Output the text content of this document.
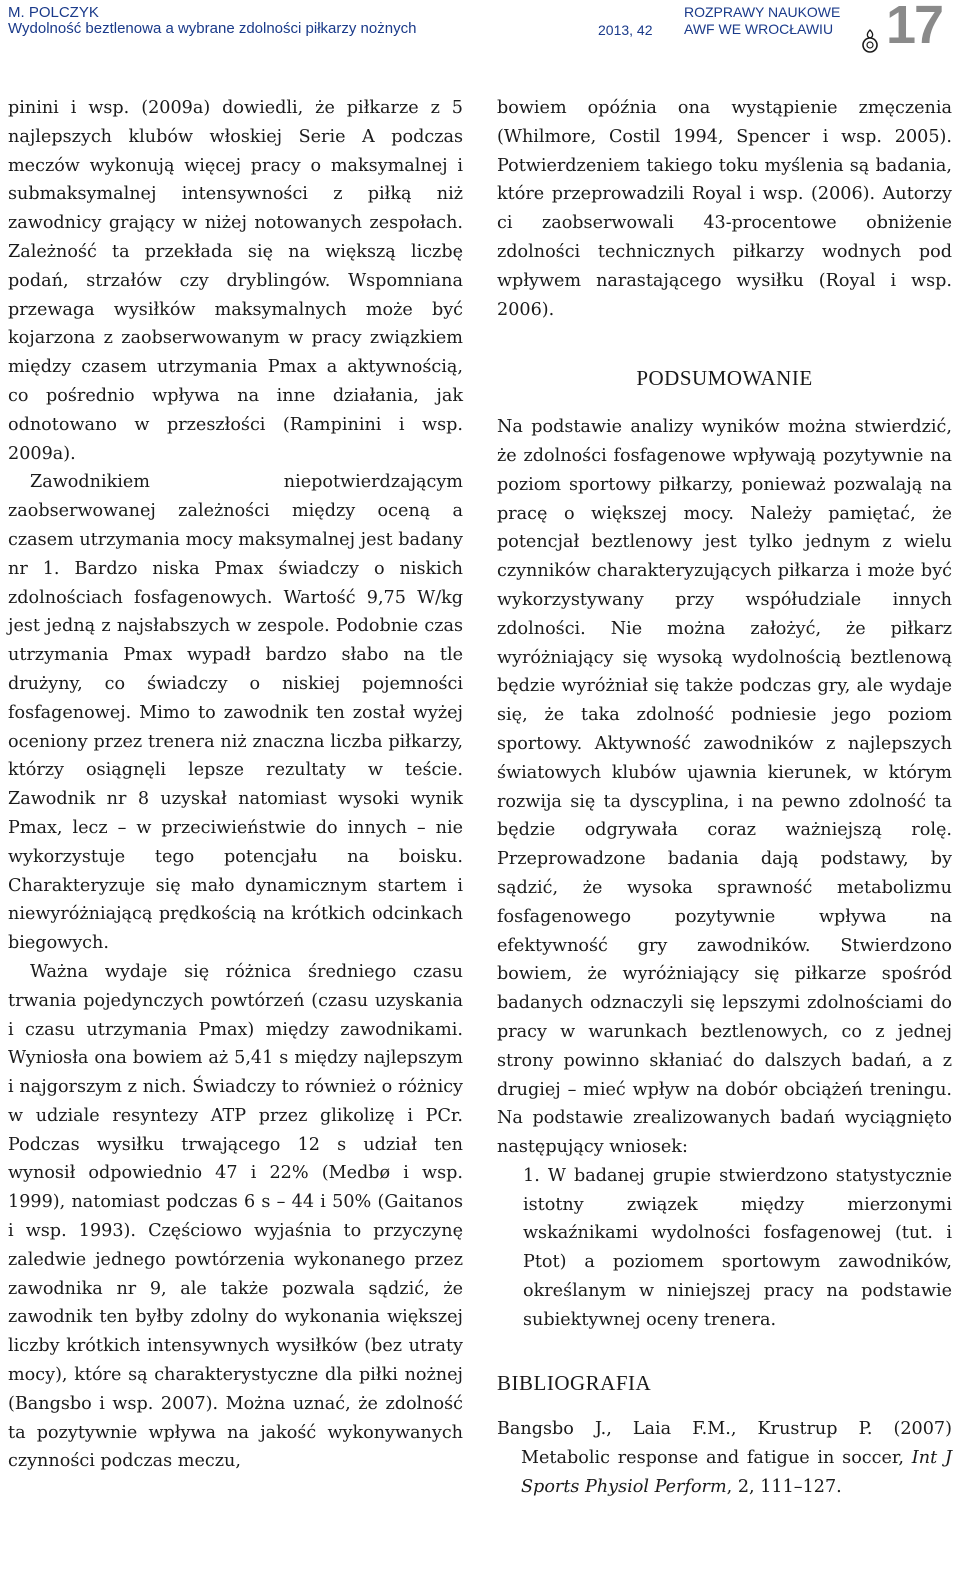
M. POLCZYK
Wydolność beztlenowa a wybrane zdolności piłkarzy nożnych	2013, 42
ROZPRAWY NAUKOWE
AWF WE WROCŁAWIU 17

pinini i wsp. (2009a) dowiedli, że piłkarze z 5 najlepszych klubów włoskiej Serie A podczas meczów wykonują więcej pracy o maksymalnej i submaksymalnej intensywności z piłką niż zawodnicy grający w niżej notowanych zespołach. Zależność ta przekłada się na większą liczbę podań, strzałów czy dryblingów. Wspomniana przewaga wysiłków maksymalnych może być kojarzona z zaobserwowanym w pracy związkiem między czasem utrzymania Pmax a aktywnością, co pośrednio wpływa na inne działania, jak odnotowano w przeszłości (Rampinini i wsp. 2009a).

Zawodnikiem niepotwierdzającym zaobserwowanej zależności między oceną a czasem utrzymania mocy maksymalnej jest badany nr 1. Bardzo niska Pmax świadczy o niskich zdolnościach fosfagenowych. Wartość 9,75 W/kg jest jedną z najsłabszych w zespole. Podobnie czas utrzymania Pmax wypadł bardzo słabo na tle drużyny, co świadczy o niskiej pojemności fosfagenowej. Mimo to zawodnik ten został wyżej oceniony przez trenera niż znaczna liczba piłkarzy, którzy osiągnęli lepsze rezultaty w teście. Zawodnik nr 8 uzyskał natomiast wysoki wynik Pmax, lecz – w przeciwieństwie do innych – nie wykorzystuje tego potencjału na boisku. Charakteryzuje się mało dynamicznym startem i niewyróżniającą prędkością na krótkich odcinkach biegowych.

Ważna wydaje się różnica średniego czasu trwania pojedynczych powtórzeń (czasu uzyskania i czasu utrzymania Pmax) między zawodnikami. Wyniosła ona bowiem aż 5,41 s między najlepszym i najgorszym z nich. Świadczy to również o różnicy w udziale resyntezy ATP przez glikolizę i PCr. Podczas wysiłku trwającego 12 s udział ten wynosił odpowiednio 47 i 22% (Medbø i wsp. 1999), natomiast podczas 6 s – 44 i 50% (Gaitanos i wsp. 1993). Częściowo wyjaśnia to przyczynę zaledwie jednego powtórzenia wykonanego przez zawodnika nr 9, ale także pozwala sądzić, że zawodnik ten byłby zdolny do wykonania większej liczby krótkich intensywnych wysiłków (bez utraty mocy), które są charakterystyczne dla piłki nożnej (Bangsbo i wsp. 2007). Można uznać, że zdolność ta pozytywnie wpływa na jakość wykonywanych czynności podczas meczu,

bowiem opóźnia ona wystąpienie zmęczenia (Whilmore, Costil 1994, Spencer i wsp. 2005). Potwierdzeniem takiego toku myślenia są badania, które przeprowadzili Royal i wsp. (2006). Autorzy ci zaobserwowali 43-procentowe obniżenie zdolności technicznych piłkarzy wodnych pod wpływem narastającego wysiłku (Royal i wsp. 2006).

PODSUMOWANIE

Na podstawie analizy wyników można stwierdzić, że zdolności fosfagenowe wpływają pozytywnie na poziom sportowy piłkarzy, ponieważ pozwalają na pracę o większej mocy. Należy pamiętać, że potencjał beztlenowy jest tylko jednym z wielu czynników charakteryzujących piłkarza i może być wykorzystywany przy współudziale innych zdolności. Nie można założyć, że piłkarz wyróżniający się wysoką wydolnością beztlenową będzie wyróżniał się także podczas gry, ale wydaje się, że taka zdolność podniesie jego poziom sportowy. Aktywność zawodników z najlepszych światowych klubów ujawnia kierunek, w którym rozwija się ta dyscyplina, i na pewno zdolność ta będzie odgrywała coraz ważniejszą rolę. Przeprowadzone badania dają podstawy, by sądzić, że wysoka sprawność metabolizmu fosfagenowego pozytywnie wpływa na efektywność gry zawodników. Stwierdzono bowiem, że wyróżniający się piłkarze spośród badanych odznaczyli się lepszymi zdolnościami do pracy w warunkach beztlenowych, co z jednej strony powinno skłaniać do dalszych badań, a z drugiej – mieć wpływ na dobór obciążeń treningu. Na podstawie zrealizowanych badań wyciągnięto następujący wniosek:

1. W badanej grupie stwierdzono statystycznie istotny związek między mierzonymi wskaźnikami wydolności fosfagenowej (tut. i Ptot) a poziomem sportowym zawodników, określanym w niniejszej pracy na podstawie subiektywnej oceny trenera.

BIBLIOGRAFIA

Bangsbo J., Laia F.M., Krustrup P. (2007) Metabolic response and fatigue in soccer, Int J Sports Physiol Perform, 2, 111–127.
